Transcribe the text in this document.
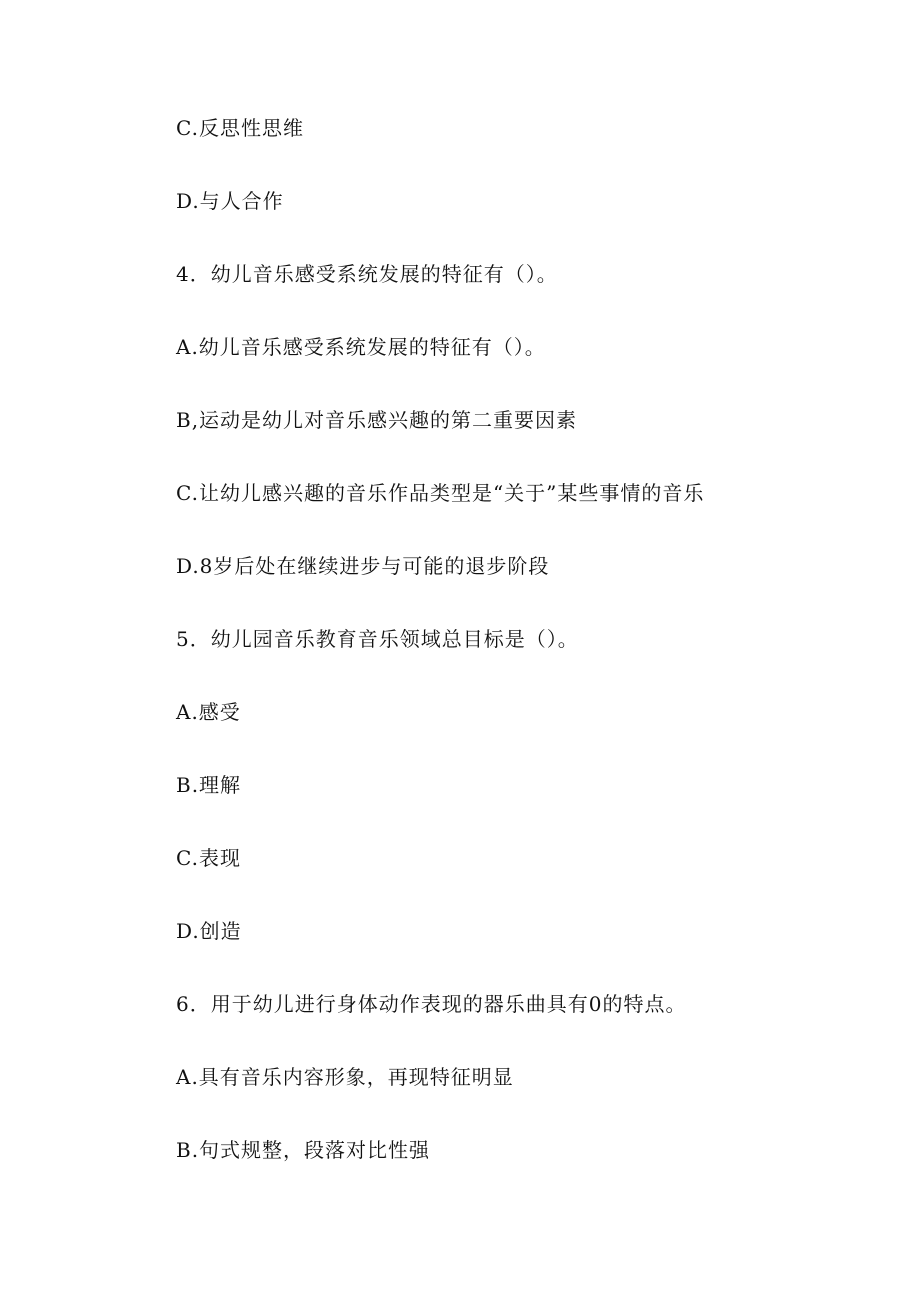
C.反思性思维
D.与人合作
4．幼儿音乐感受系统发展的特征有（）。
A.幼儿音乐感受系统发展的特征有（）。
B,运动是幼儿对音乐感兴趣的第二重要因素
C.让幼儿感兴趣的音乐作品类型是“关于”某些事情的音乐
D.8岁后处在继续进步与可能的退步阶段
5．幼儿园音乐教育音乐领域总目标是（）。
A.感受
B.理解
C.表现
D.创造
6．用于幼儿进行身体动作表现的器乐曲具有0的特点。
A.具有音乐内容形象，再现特征明显
B.句式规整，段落对比性强
